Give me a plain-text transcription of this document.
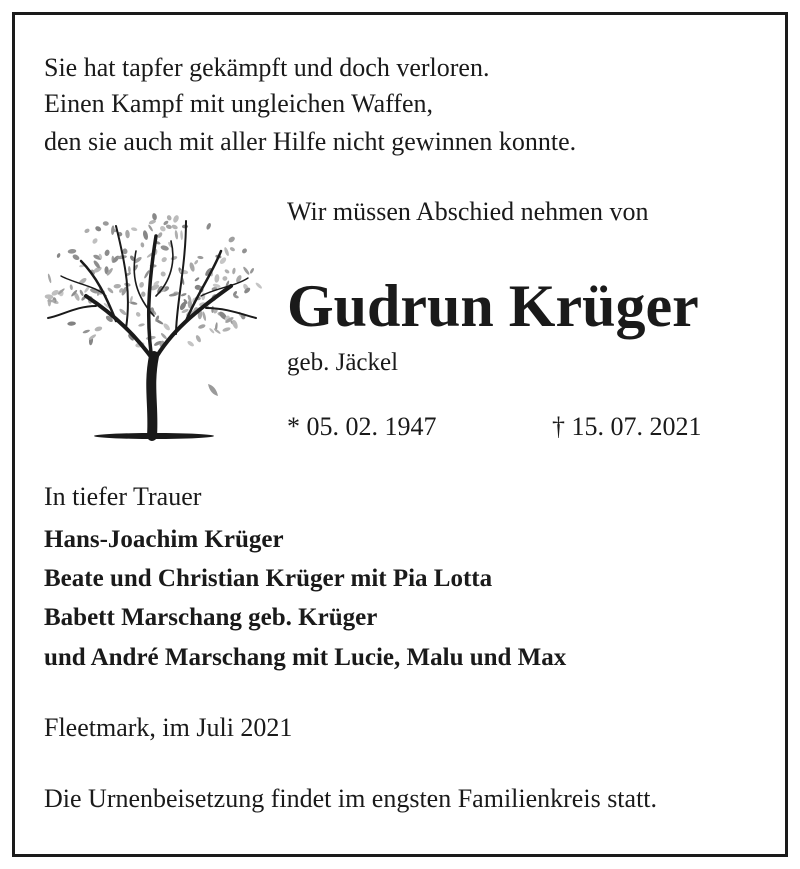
Sie hat tapfer gekämpft und doch verloren.
Einen Kampf mit ungleichen Waffen,
den sie auch mit aller Hilfe nicht gewinnen konnte.
Wir müssen Abschied nehmen von
Gudrun Krüger
geb. Jäckel
* 05. 02. 1947	† 15. 07. 2021
In tiefer Trauer
Hans-Joachim Krüger
Beate und Christian Krüger mit Pia Lotta
Babett Marschang geb. Krüger
und André Marschang mit Lucie, Malu und Max
Fleetmark, im Juli 2021
Die Urnenbeisetzung findet im engsten Familienkreis statt.
